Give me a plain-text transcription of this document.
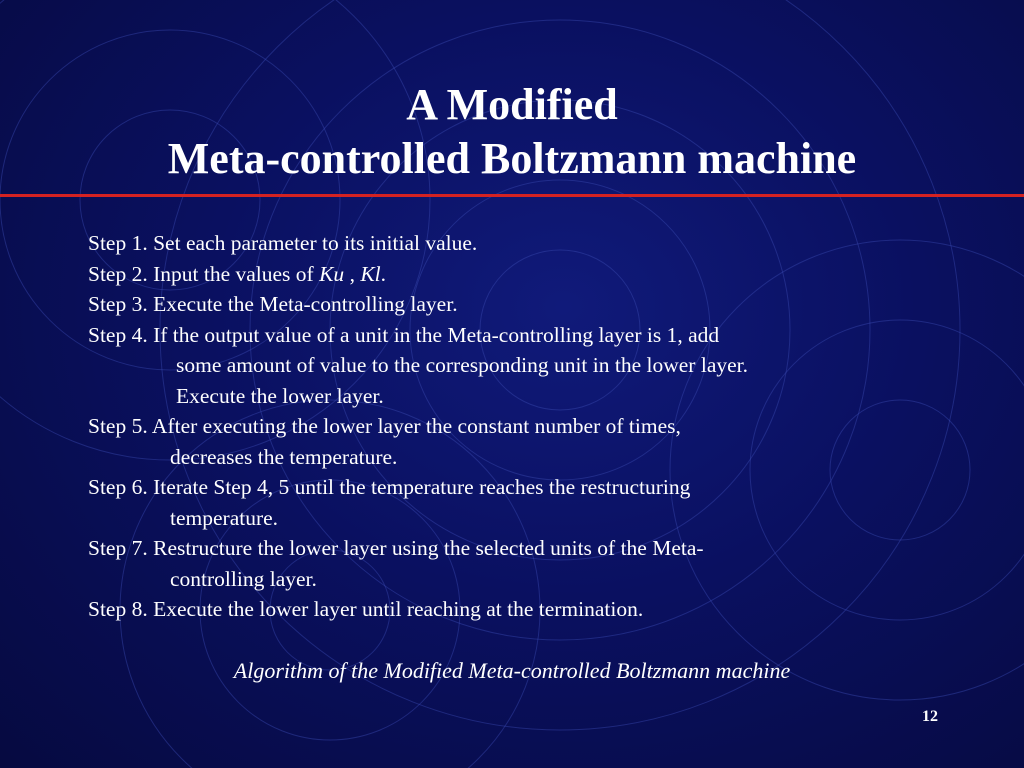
A Modified
Meta-controlled Boltzmann machine
Step 1. Set each parameter to its initial value.
Step 2. Input the values of Ku , Kl.
Step 3. Execute the Meta-controlling layer.
Step 4. If the output value of a unit in the Meta-controlling layer is 1, add
some amount of value to the corresponding unit in the lower layer.
Execute the lower layer.
Step 5. After executing the lower layer the constant number of times,
decreases the temperature.
Step 6. Iterate Step 4, 5 until the temperature reaches the restructuring
temperature.
Step 7. Restructure the lower layer using the selected units of the Meta-
controlling layer.
Step 8. Execute the lower layer until reaching at the termination.
Algorithm of the Modified Meta-controlled Boltzmann machine
12
